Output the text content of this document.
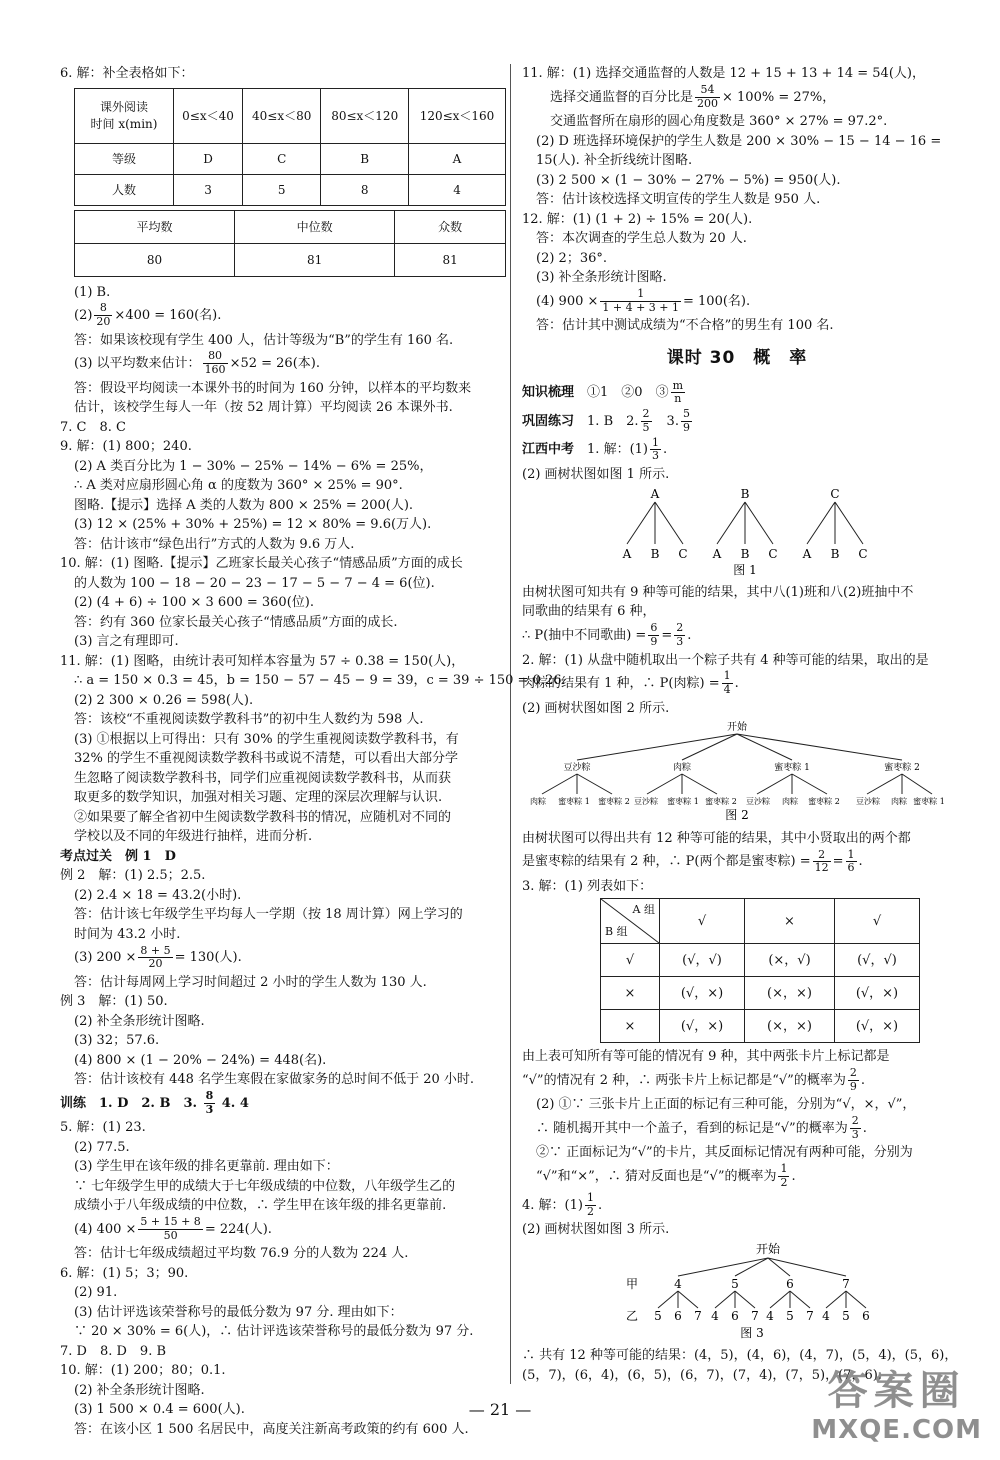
6. 解：补全表格如下：

课外阅读
时间 x(min)	0≤x＜40	40≤x＜80	80≤x＜120	120≤x＜160
等级	D	C	B	A
人数	3	5	8	4
平均数	中位数	众数
80	81	81

(1) B.

$(2) \frac{8}{20} \times 400 = 160$(名).

答：如果该校现有学生 400 人，估计等级为“B”的学生有 160 名.

(3) 以平均数来估计： $\frac{80}{160} \times 52 = 26$(本).

答：假设平均阅读一本课外书的时间为 160 分钟，以样本的平均数来

估计，该校学生每人一年（按 52 周计算）平均阅读 26 本课外书.

7. C　8. C

9. 解：(1) 800；240.

(2) A 类百分比为 1 − 30% − 25% − 14% − 6% = 25%，

∴ A 类对应扇形圆心角 α 的度数为 360° × 25% = 90°.

图略.【提示】选择 A 类的人数为 800 × 25% = 200(人).

(3) 12 × (25% + 30% + 25%) = 12 × 80% = 9.6(万人).

答：估计该市“绿色出行”方式的人数为 9.6 万人.

10. 解：(1) 图略.【提示】乙班家长最关心孩子“情感品质”方面的成长

的人数为 100 − 18 − 20 − 23 − 17 − 5 − 7 − 4 = 6(位).

(2) (4 + 6) ÷ 100 × 3 600 = 360(位).

答：约有 360 位家长最关心孩子“情感品质”方面的成长.

(3) 言之有理即可.

11. 解：(1) 图略，由统计表可知样本容量为 57 ÷ 0.38 = 150(人)，

∴ a = 150 × 0.3 = 45，b = 150 − 57 − 45 − 9 = 39，c = 39 ÷ 150 = 0.26.

(2) 2 300 × 0.26 = 598(人).

答：该校“不重视阅读数学教科书”的初中生人数约为 598 人.

(3) ①根据以上可得出：只有 30% 的学生重视阅读数学教科书，有

32% 的学生不重视阅读数学教科书或说不清楚，可以看出大部分学

生忽略了阅读数学教科书，同学们应重视阅读数学教科书，从而获

取更多的数学知识，加强对相关习题、定理的深层次理解与认识.

②如果要了解全省初中生阅读数学教科书的情况，应随机对不同的

学校以及不同的年级进行抽样，进而分析.

考点过关　例 1　D

例 2　解：(1) 2.5；2.5.

(2) 2.4 × 18 = 43.2(小时).

答：估计该七年级学生平均每人一学期（按 18 周计算）网上学习的

时间为 43.2 小时.

(3) $200 \times \frac{8 + 5}{20} = 130$(人).

答：估计每周网上学习时间超过 2 小时的学生人数为 130 人.

例 3　解：(1) 50.

(2) 补全条形统计图略.

(3) 32；57.6.

(4) 800 × (1 − 20% − 24%) = 448(名).

答：估计该校有 448 名学生寒假在家做家务的总时间不低于 20 小时.

训练　1. D　2. B　3. $\frac{8}{3} 4$. 4

5. 解：(1) 23.

(2) 77.5.

(3) 学生甲在该年级的排名更靠前. 理由如下：

∵ 七年级学生甲的成绩大于七年级成绩的中位数，八年级学生乙的

成绩小于八年级成绩的中位数，∴ 学生甲在该年级的排名更靠前.

(4) $400 \times \frac{5 + 15 + 8}{50} = 224$(人).

答：估计七年级成绩超过平均数 76.9 分的人数为 224 人.

6. 解：(1) 5；3；90.

(2) 91.

(3) 估计评选该荣誉称号的最低分数为 97 分. 理由如下：

∵ 20 × 30% = 6(人)，∴ 估计评选该荣誉称号的最低分数为 97 分.

7. D　8. D　9. B

10. 解：(1) 200；80；0.1.

(2) 补全条形统计图略.

(3) 1 500 × 0.4 = 600(人).

答：在该小区 1 500 名居民中，高度关注新高考政策的约有 600 人.

11. 解：(1) 选择交通监督的人数是 12 + 15 + 13 + 14 = 54(人)，

选择交通监督的百分比是 $\frac{54}{200} \times 100\% = 27\%$，

交通监督所在扇形的圆心角度数是 360° × 27% = 97.2°.

(2) D 班选择环境保护的学生人数是 200 × 30% − 15 − 14 − 16 =

15(人). 补全折线统计图略.

(3) 2 500 × (1 − 30% − 27% − 5%) = 950(人).

答：估计该校选择文明宣传的学生人数是 950 人.

12. 解：(1) (1 + 2) ÷ 15% = 20(人).

答：本次调查的学生总人数为 20 人.

(2) 2；36°.

(3) 补全条形统计图略.

(4) $900 \times \frac{1}{1 + 4 + 3 + 1} = 100$(名).

答：估计其中测试成绩为“不合格”的男生有 100 名.

课时 30　概　率

知识梳理　 ①1　②0　③ $\frac{m}{n}$

巩固练习　 1. B　2. $\frac{2}{5}$
　 3. $\frac{5}{9}$

江西中考　 1. 解：$(1) \frac{1}{3}$ .

(2) 画树状图如图 1 所示.

A
A B C
B
A B C
C
A B C
图 1

由树状图可知共有 9 种等可能的结果，其中八(1)班和八(2)班抽中不

同歌曲的结果有 6 种，

∴ P(抽中不同歌曲) = $\frac{6}{9} = \frac{2}{3}$ .

2. 解：(1) 从盘中随机取出一个粽子共有 4 种等可能的结果，取出的是

肉粽的结果有 1 种，∴ P(肉粽) = $\frac{1}{4}$ .

(2) 画树状图如图 2 所示.

开始
豆沙粽
肉粽 蜜枣粽 1 蜜枣粽 2
肉粽
豆沙粽 蜜枣粽 1 蜜枣粽 2
蜜枣粽 1
豆沙粽 肉粽 蜜枣粽 2
蜜枣粽 2
豆沙粽 肉粽 蜜枣粽 1
图 2

由树状图可以得出共有 12 种等可能的结果，其中小贤取出的两个都

是蜜枣粽的结果有 2 种，∴ P(两个都是蜜枣粽) = $\frac{2}{12} = \frac{1}{6}$ .

3. 解：(1) 列表如下：

A 组
B 组	√	×	√
√	(√，√)	(×，√)	(√，√)
×	(√，×)	(×，×)	(√，×)
×	(√，×)	(×，×)	(√，×)

由上表可知所有等可能的情况有 9 种，其中两张卡片上标记都是

“√”的情况有 2 种，∴ 两张卡片上标记都是“√”的概率为 $\frac{2}{9}$ .

(2) ①∵ 三张卡片上正面的标记有三种可能，分别为“√，×，√”，

∴ 随机揭开其中一个盖子，看到的标记是“√”的概率为 $\frac{2}{3}$ .

②∵ 正面标记为“√”的卡片，其反面标记情况有两种可能，分别为

“√”和“×”，∴ 猜对反面也是“√”的概率为 $\frac{1}{2}$ .

4. 解：$(1) \frac{1}{2}$ .

(2) 画树状图如图 3 所示.

开始
甲
乙
4
5 6 7
5
4 6 7
6
4 5 7
7
4 5 6
图 3

∴ 共有 12 种等可能的结果：(4，5)，(4，6)，(4，7)，(5，4)，(5，6)，

(5，7)，(6，4)，(6，5)，(6，7)，(7，4)，(7，5)，(7，6).

— 21 —	答案圈
MXQE.COM
